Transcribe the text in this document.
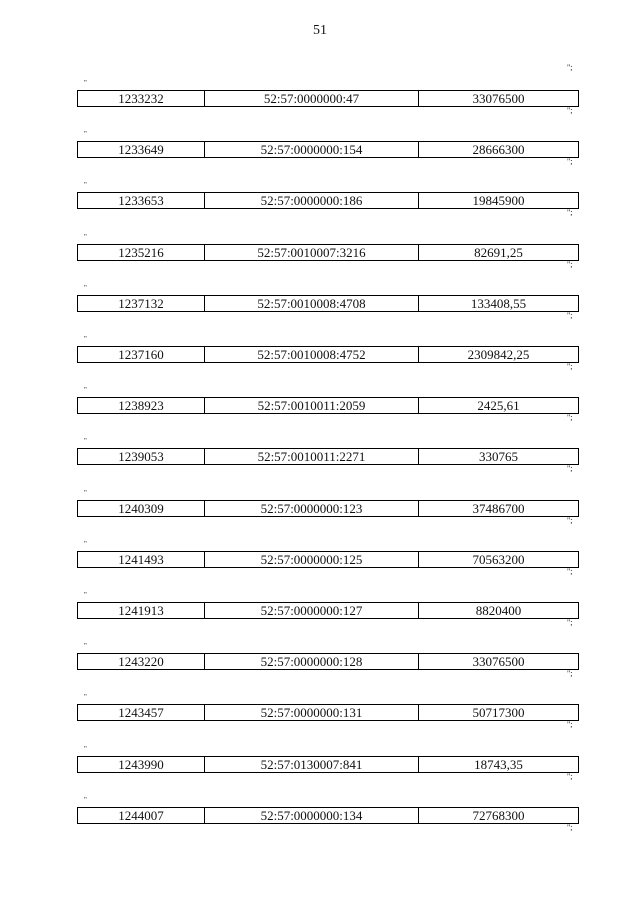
51
";
"
1233232	52:57:0000000:47	33076500
";
"
1233649	52:57:0000000:154	28666300
";
"
1233653	52:57:0000000:186	19845900
";
"
1235216	52:57:0010007:3216	82691,25
";
"
1237132	52:57:0010008:4708	133408,55
";
"
1237160	52:57:0010008:4752	2309842,25
";
"
1238923	52:57:0010011:2059	2425,61
";
"
1239053	52:57:0010011:2271	330765
";
"
1240309	52:57:0000000:123	37486700
";
"
1241493	52:57:0000000:125	70563200
";
"
1241913	52:57:0000000:127	8820400
";
"
1243220	52:57:0000000:128	33076500
";
"
1243457	52:57:0000000:131	50717300
";
"
1243990	52:57:0130007:841	18743,35
";
"
1244007	52:57:0000000:134	72768300
";
